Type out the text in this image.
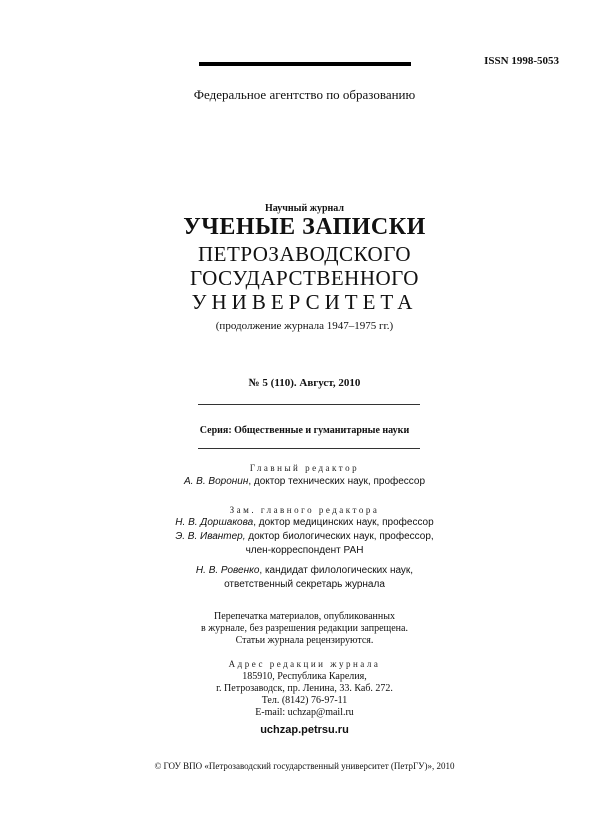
ISSN 1998-5053
Федеральное агентство по образованию
Научный журнал
УЧЕНЫЕ ЗАПИСКИ
ПЕТРОЗАВОДСКОГО
ГОСУДАРСТВЕННОГО
УНИВЕРСИТЕТА
(продолжение журнала 1947–1975 гг.)
№ 5 (110). Август, 2010
Серия: Общественные и гуманитарные науки
Главный редактор
А. В. Воронин, доктор технических наук, профессор
Зам. главного редактора
Н. В. Доршакова, доктор медицинских наук, профессор
Э. В. Ивантер, доктор биологических наук, профессор,
член-корреспондент РАН
Н. В. Ровенко, кандидат филологических наук,
ответственный секретарь журнала
Перепечатка материалов, опубликованных
в журнале, без разрешения редакции запрещена.
Статьи журнала рецензируются.
Адрес редакции журнала
185910, Республика Карелия,
г. Петрозаводск, пр. Ленина, 33. Каб. 272.
Тел. (8142) 76-97-11
E-mail: uchzap@mail.ru
uchzap.petrsu.ru
© ГОУ ВПО «Петрозаводский государственный университет (ПетрГУ)», 2010
